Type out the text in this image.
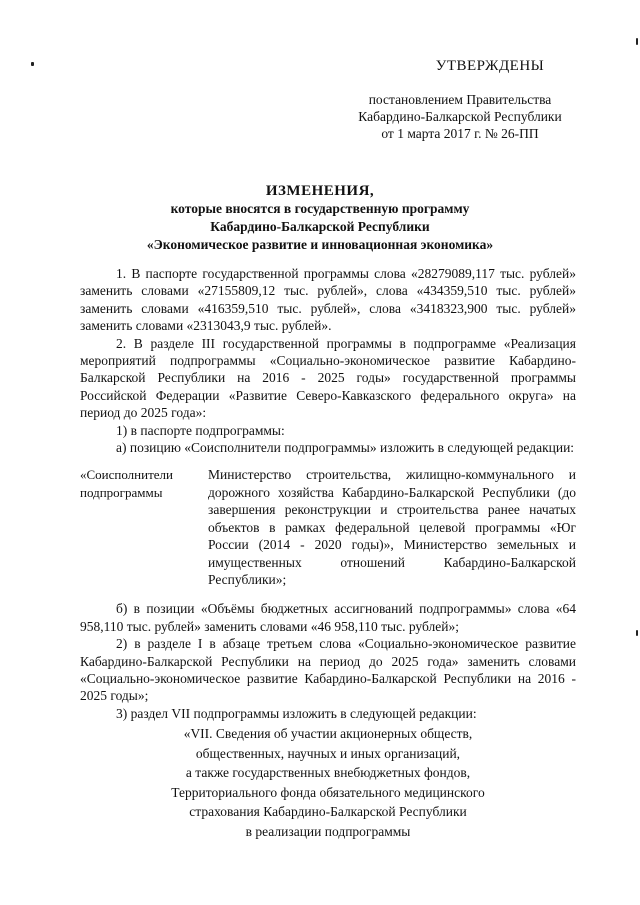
УТВЕРЖДЕНЫ
постановлением Правительства
Кабардино-Балкарской Республики
от 1 марта 2017 г. № 26-ПП
ИЗМЕНЕНИЯ,
которые вносятся в государственную программу
Кабардино-Балкарской Республики
«Экономическое развитие и инновационная экономика»

1. В паспорте государственной программы слова «28279089,117 тыс. рублей» заменить словами «27155809,12 тыс. рублей», слова «434359,510 тыс. рублей» заменить словами «416359,510 тыс. рублей», слова «3418323,900 тыс. рублей» заменить словами «2313043,9 тыс. рублей».

2. В разделе III государственной программы в подпрограмме «Реализация мероприятий подпрограммы «Социально-экономическое развитие Кабардино-Балкарской Республики на 2016 - 2025 годы» государственной программы Российской Федерации «Развитие Северо-Кавказского федерального округа» на период до 2025 года»:

1) в паспорте подпрограммы:

а) позицию «Соисполнители подпрограммы» изложить в следующей редакции:

«Соисполнители подпрограммы
Министерство строительства, жилищно-коммунального и дорожного хозяйства Кабардино-Балкарской Республики (до завершения реконструкции и строительства ранее начатых объектов в рамках федеральной целевой программы «Юг России (2014 - 2020 годы)», Министерство земельных и имущественных отношений Кабардино-Балкарской Республики»;

б) в позиции «Объёмы бюджетных ассигнований подпрограммы» слова «64 958,110 тыс. рублей» заменить словами «46 958,110 тыс. рублей»;

2) в разделе I в абзаце третьем слова «Социально-экономическое развитие Кабардино-Балкарской Республики на период до 2025 года» заменить словами «Социально-экономическое развитие Кабардино-Балкарской Республики на 2016 - 2025 годы»;

3) раздел VII подпрограммы изложить в следующей редакции:

«VII. Сведения об участии акционерных обществ,
общественных, научных и иных организаций,
а также государственных внебюджетных фондов,
Территориального фонда обязательного медицинского
страхования Кабардино-Балкарской Республики
в реализации подпрограммы
